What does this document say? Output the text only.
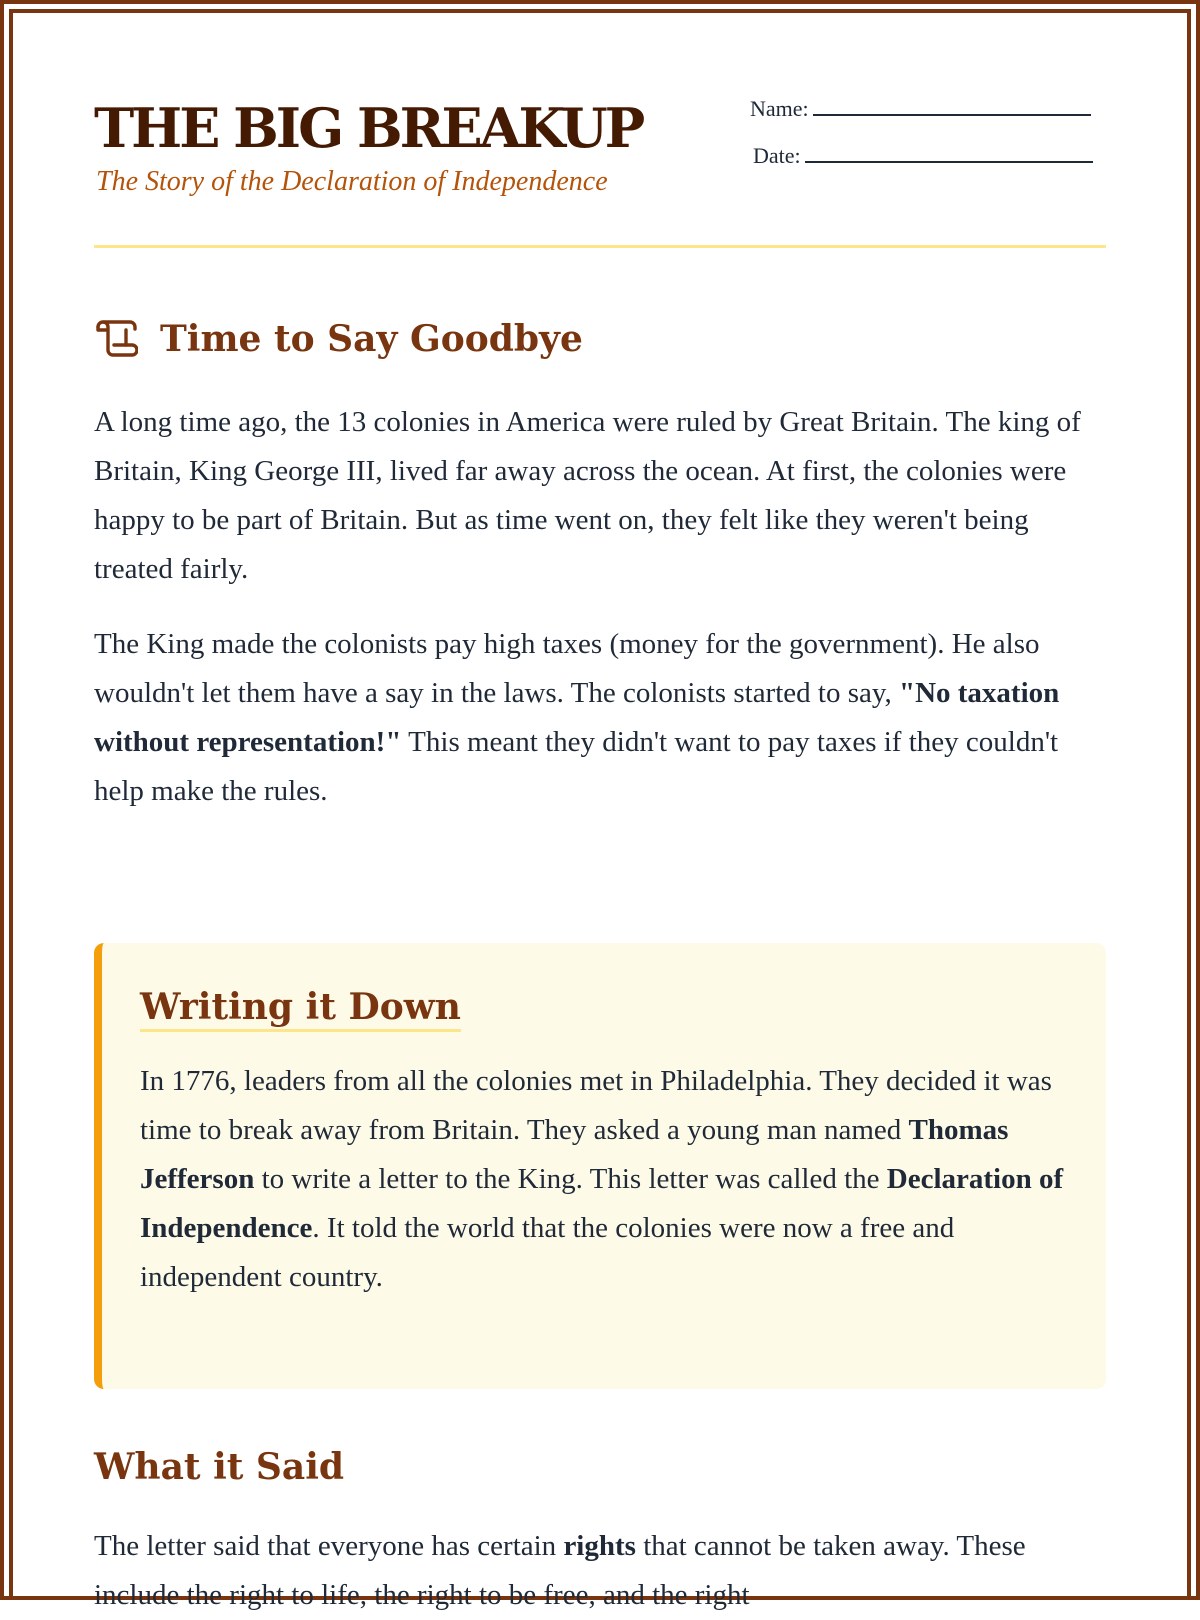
THE BIG BREAKUP

The Story of the Declaration of Independence

Name:
Date:
Time to Say Goodbye

A long time ago, the 13 colonies in America were ruled by Great Britain. The king of Britain, King George III, lived far away across the ocean. At first, the colonies were happy to be part of Britain. But as time went on, they felt like they weren't being treated fairly.

The King made the colonists pay high taxes (money for the government). He also wouldn't let them have a say in the laws. The colonists started to say, "No taxation without representation!" This meant they didn't want to pay taxes if they couldn't help make the rules.

Writing it Down

In 1776, leaders from all the colonies met in Philadelphia. They decided it was time to break away from Britain. They asked a young man named Thomas Jefferson to write a letter to the King. This letter was called the Declaration of Independence. It told the world that the colonies were now a free and independent country.

What it Said

The letter said that everyone has certain rights that cannot be taken away. These include the right to life, the right to be free, and the right
